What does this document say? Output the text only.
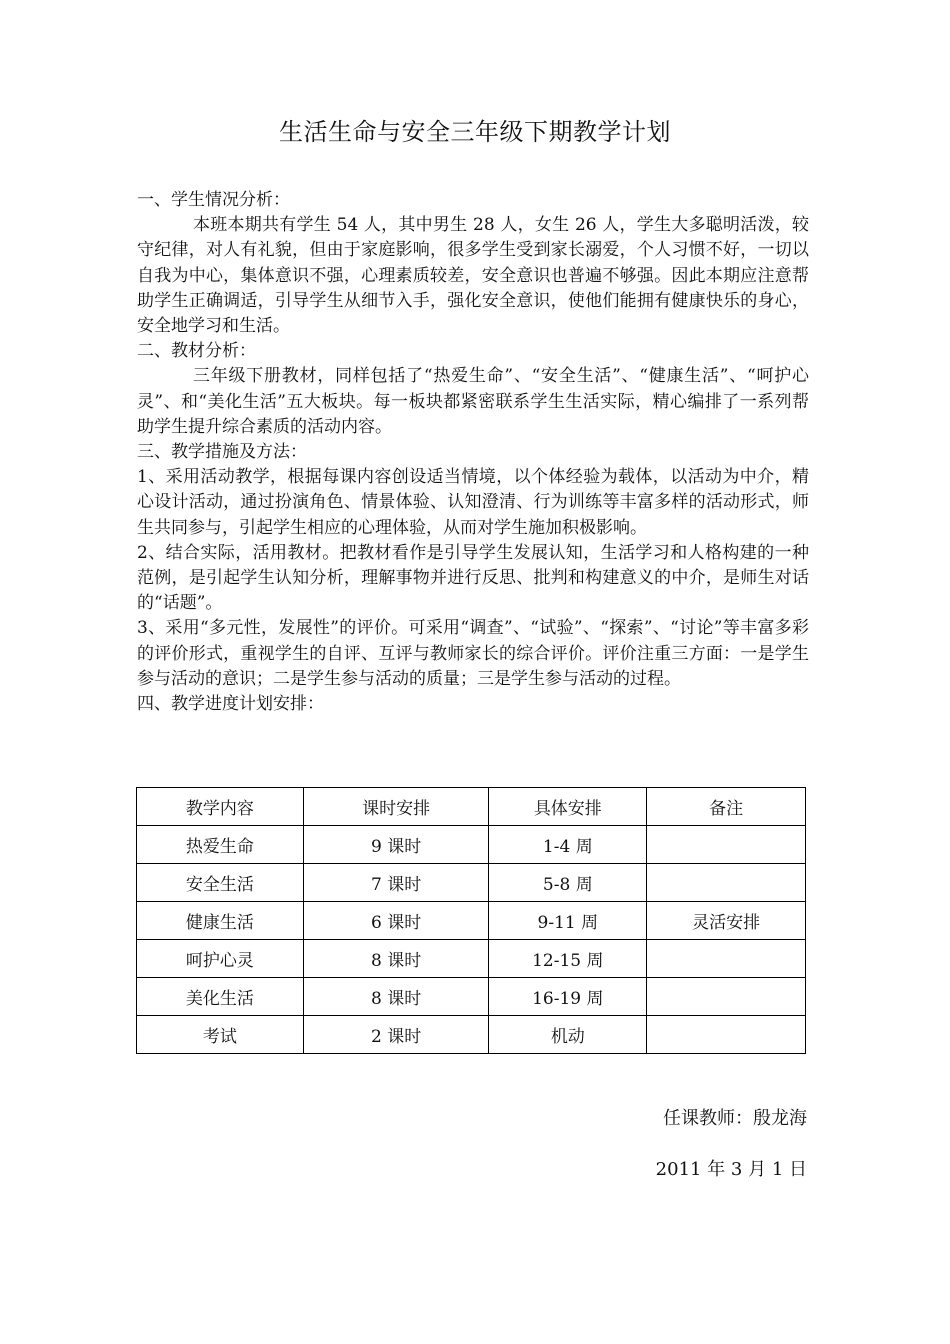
生活生命与安全三年级下期教学计划

一、学生情况分析：

本班本期共有学生 54 人，其中男生 28 人，女生 26 人，学生大多聪明活泼，较守纪律，对人有礼貌，但由于家庭影响，很多学生受到家长溺爱，个人习惯不好，一切以自我为中心，集体意识不强，心理素质较差，安全意识也普遍不够强。因此本期应注意帮助学生正确调适，引导学生从细节入手，强化安全意识，使他们能拥有健康快乐的身心，安全地学习和生活。

二、教材分析：

三年级下册教材，同样包括了“热爱生命”、“安全生活”、“健康生活”、“呵护心灵”、和“美化生活”五大板块。每一板块都紧密联系学生生活实际，精心编排了一系列帮助学生提升综合素质的活动内容。

三、教学措施及方法：

1、采用活动教学，根据每课内容创设适当情境，以个体经验为载体，以活动为中介，精心设计活动，通过扮演角色、情景体验、认知澄清、行为训练等丰富多样的活动形式，师生共同参与，引起学生相应的心理体验，从而对学生施加积极影响。

2、结合实际，活用教材。把教材看作是引导学生发展认知，生活学习和人格构建的一种范例，是引起学生认知分析，理解事物并进行反思、批判和构建意义的中介，是师生对话的“话题”。

3、采用“多元性，发展性”的评价。可采用“调查”、“试验”、“探索”、“讨论”等丰富多彩的评价形式，重视学生的自评、互评与教师家长的综合评价。评价注重三方面：一是学生参与活动的意识；二是学生参与活动的质量；三是学生参与活动的过程。

四、教学进度计划安排：

教学内容	课时安排	具体安排	备注
热爱生命	9 课时	1-4 周	
安全生活	7 课时	5-8 周	
健康生活	6 课时	9-11 周	灵活安排
呵护心灵	8 课时	12-15 周	
美化生活	8 课时	16-19 周	
考试	2 课时	机动	
任课教师：殷龙海
2011 年 3 月 1 日
